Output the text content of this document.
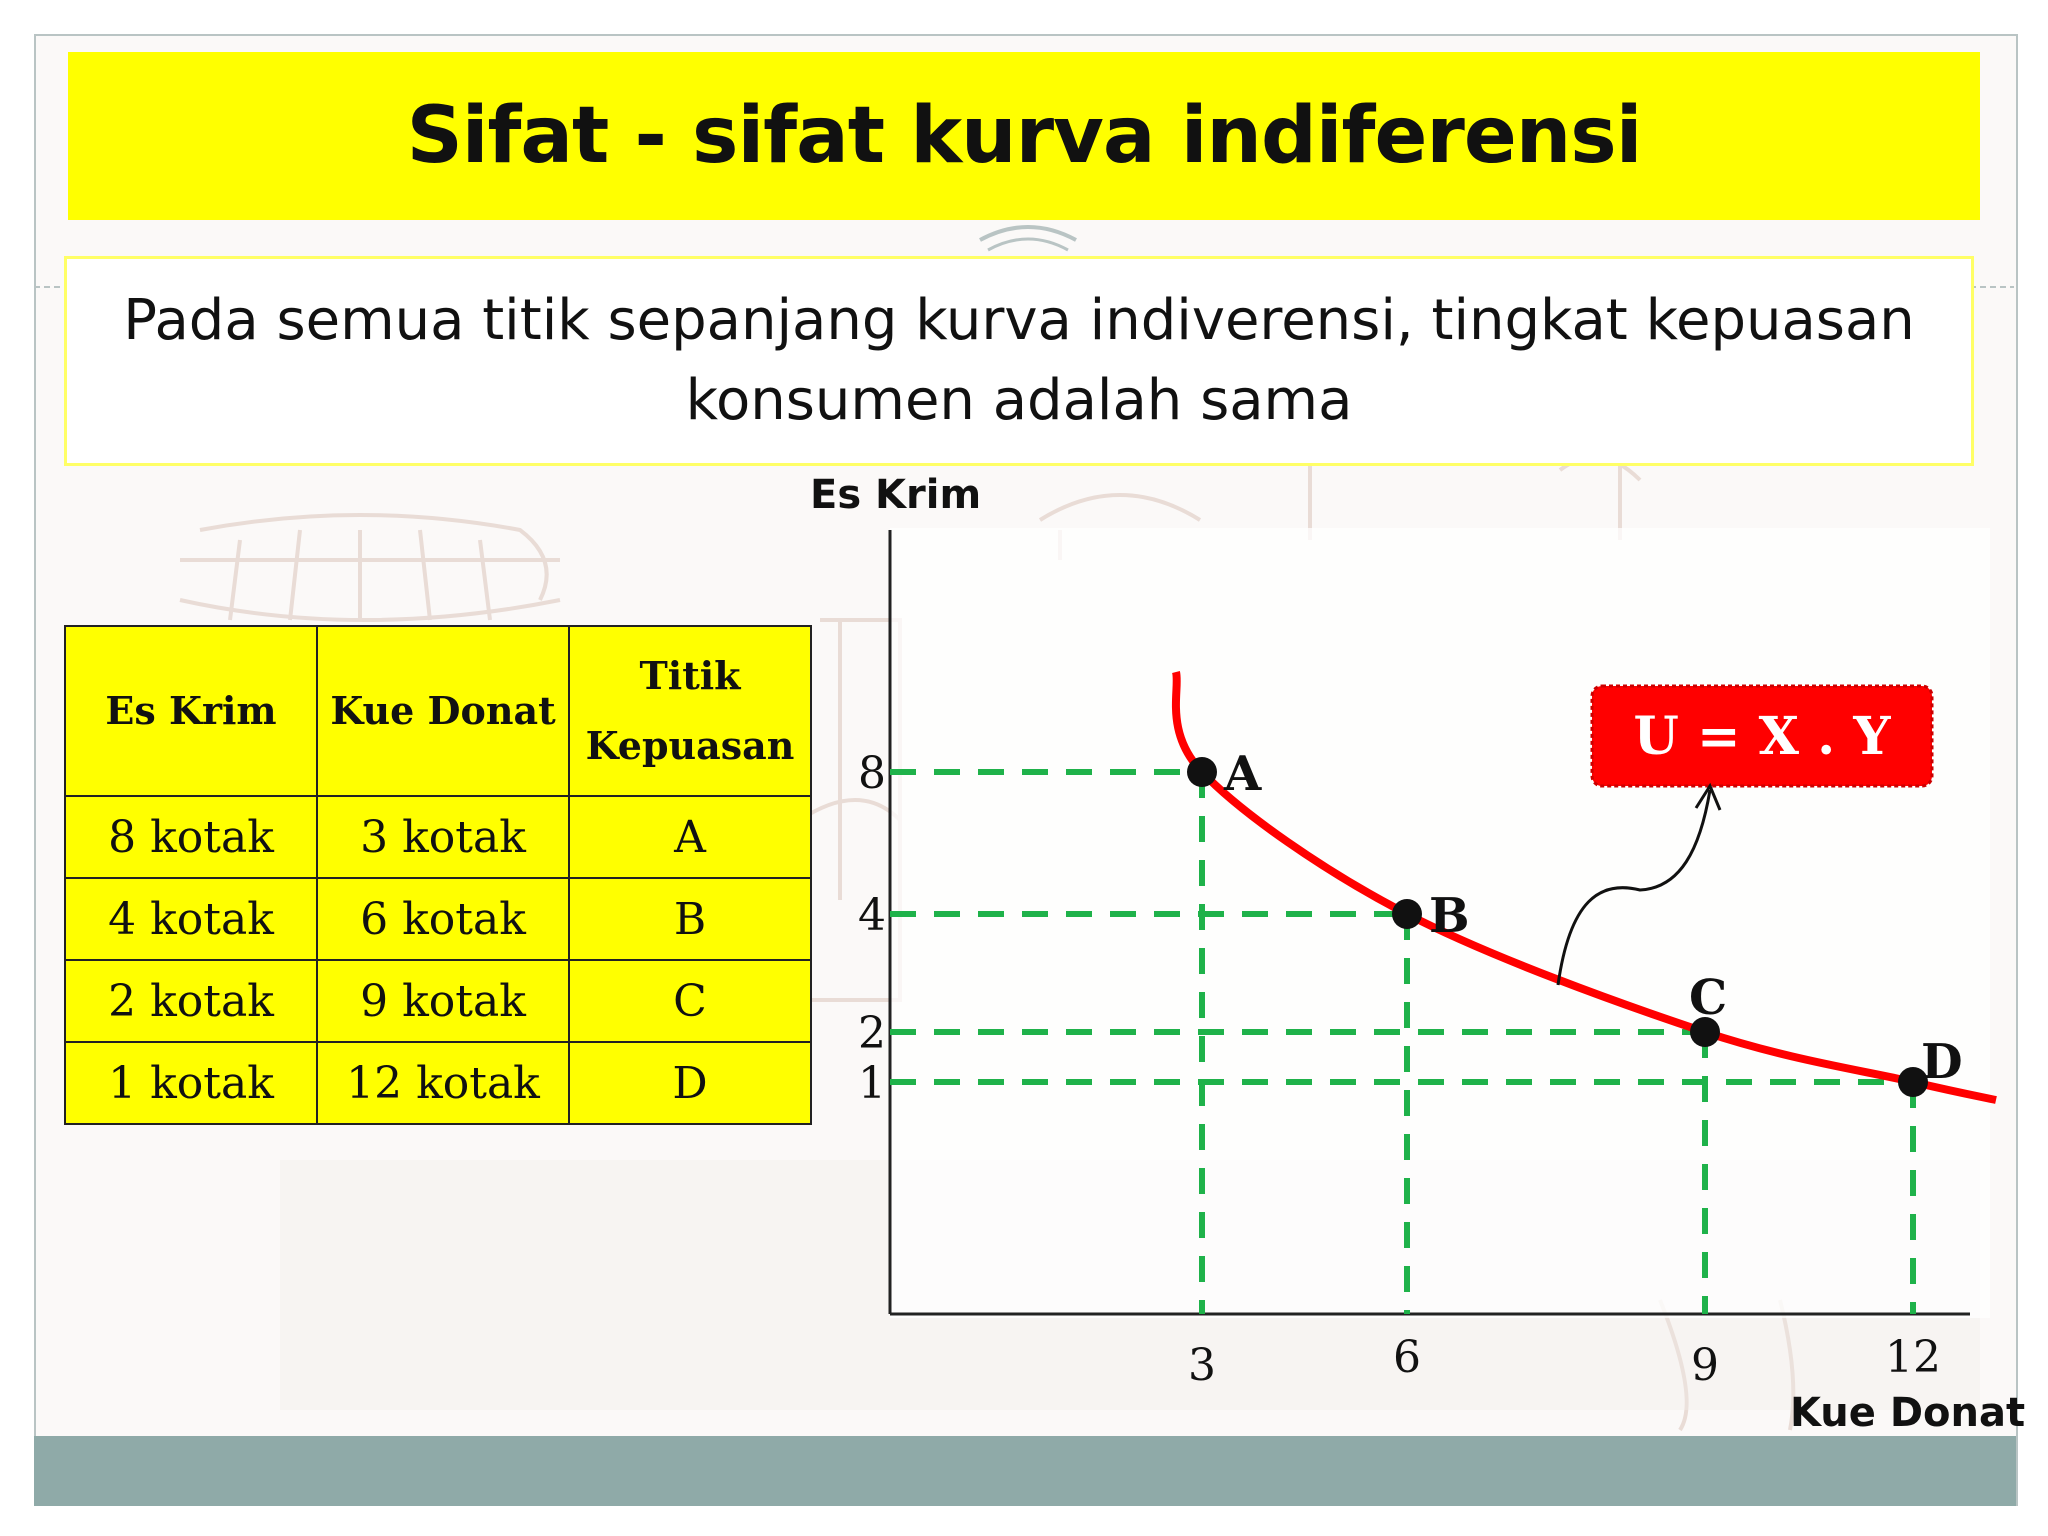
Sifat - sifat kurva indiferensi
Pada semua titik sepanjang kurva indiverensi, tingkat kepuasan
konsumen adalah sama
Es Krim	Kue Donat	Titik
Kepuasan

8 kotak	3 kotak	A
4 kotak	6 kotak	B
2 kotak	9 kotak	C
1 kotak	12 kotak	D
Es Krim
Kue Donat
A
B
C
D
8
4
2
1
3	6	9	12
U = X . Y
